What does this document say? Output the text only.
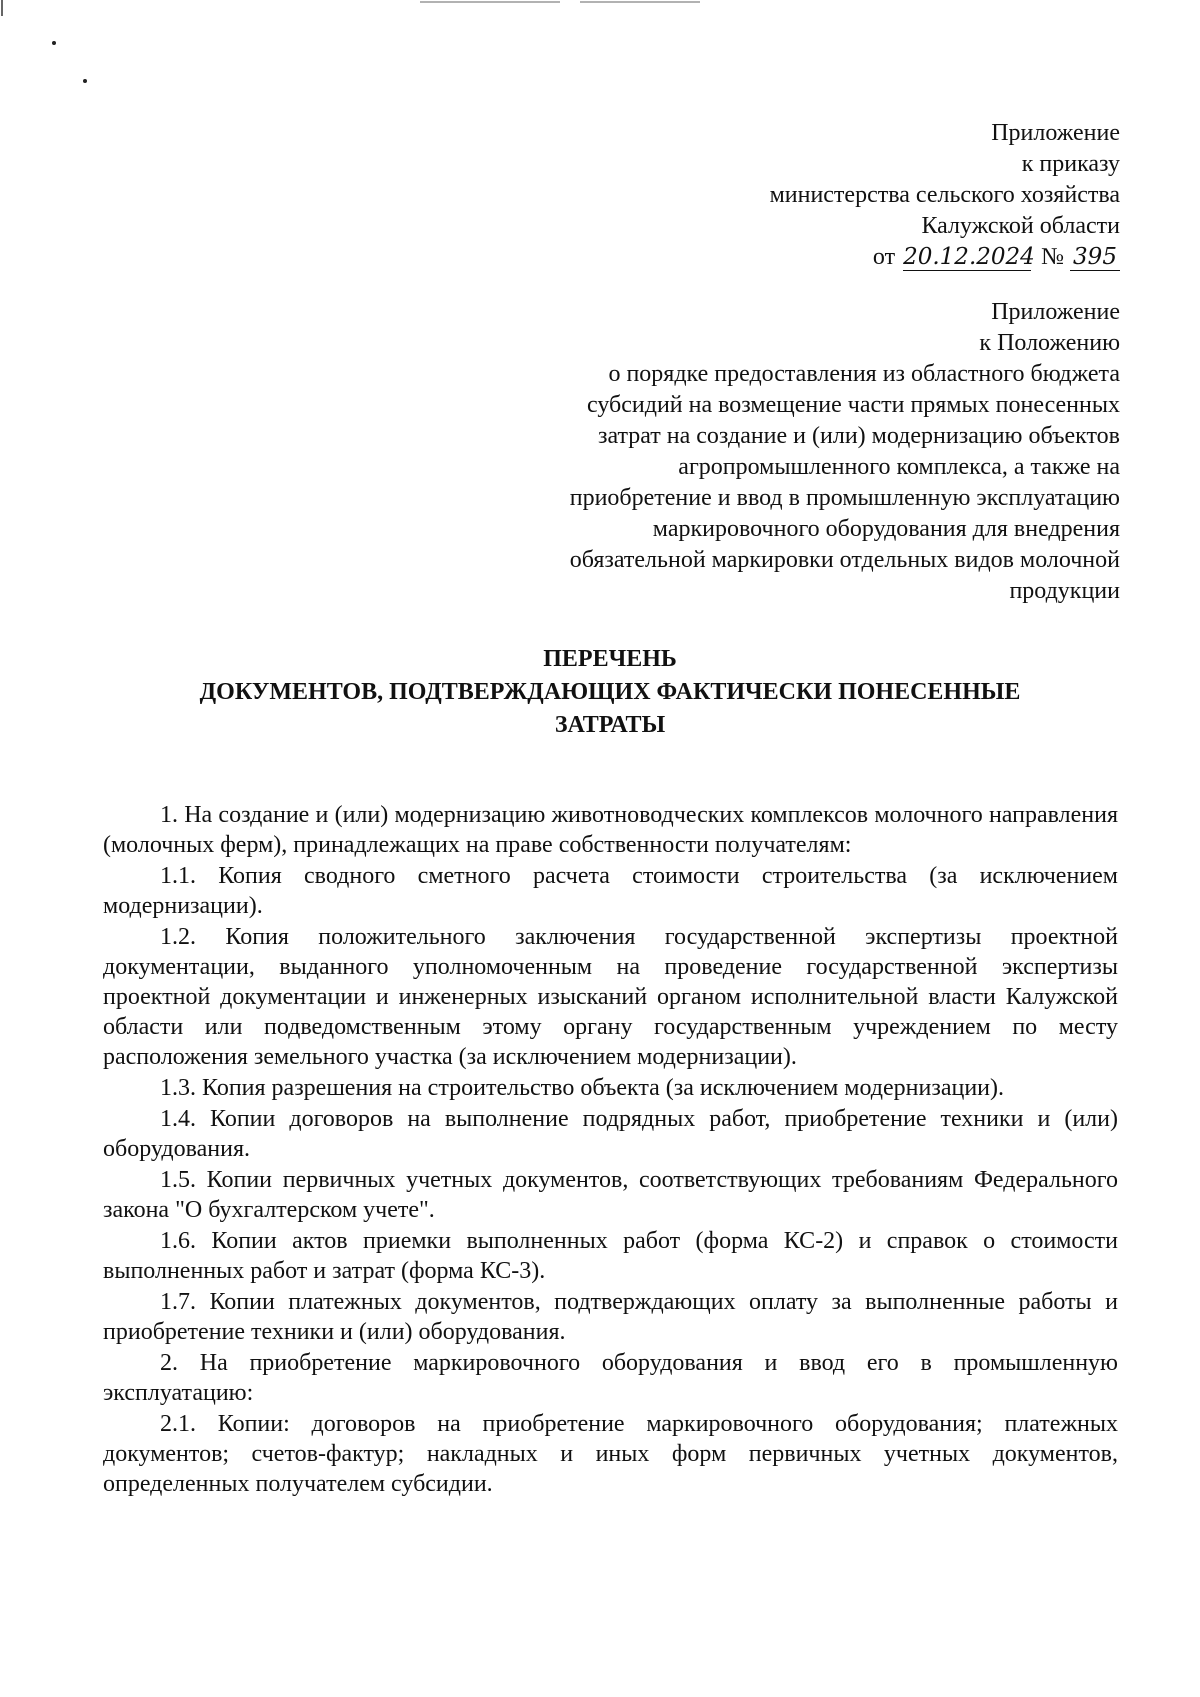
Приложение
к приказу
министерства сельского хозяйства
Калужской области
от 20.12.2024 № 395
Приложение
к Положению
о порядке предоставления из областного бюджета
субсидий на возмещение части прямых понесенных
затрат на создание и (или) модернизацию объектов
агропромышленного комплекса, а также на
приобретение и ввод в промышленную эксплуатацию
маркировочного оборудования для внедрения
обязательной маркировки отдельных видов молочной
продукции
ПЕРЕЧЕНЬ
ДОКУМЕНТОВ, ПОДТВЕРЖДАЮЩИХ ФАКТИЧЕСКИ ПОНЕСЕННЫЕ
ЗАТРАТЫ

1. На создание и (или) модернизацию животноводческих комплексов молочного направления (молочных ферм), принадлежащих на праве собственности получателям:

1.1. Копия сводного сметного расчета стоимости строительства (за исключением модернизации).

1.2. Копия положительного заключения государственной экспертизы проектной документации, выданного уполномоченным на проведение государственной экспертизы проектной документации и инженерных изысканий органом исполнительной власти Калужской области или подведомственным этому органу государственным учреждением по месту расположения земельного участка (за исключением модернизации).

1.3. Копия разрешения на строительство объекта (за исключением модернизации).

1.4. Копии договоров на выполнение подрядных работ, приобретение техники и (или) оборудования.

1.5. Копии первичных учетных документов, соответствующих требованиям Федерального закона "О бухгалтерском учете".

1.6. Копии актов приемки выполненных работ (форма КС-2) и справок о стоимости выполненных работ и затрат (форма КС-3).

1.7. Копии платежных документов, подтверждающих оплату за выполненные работы и приобретение техники и (или) оборудования.

2. На приобретение маркировочного оборудования и ввод его в промышленную эксплуатацию:

2.1. Копии: договоров на приобретение маркировочного оборудования; платежных документов; счетов-фактур; накладных и иных форм первичных учетных документов, определенных получателем субсидии.
